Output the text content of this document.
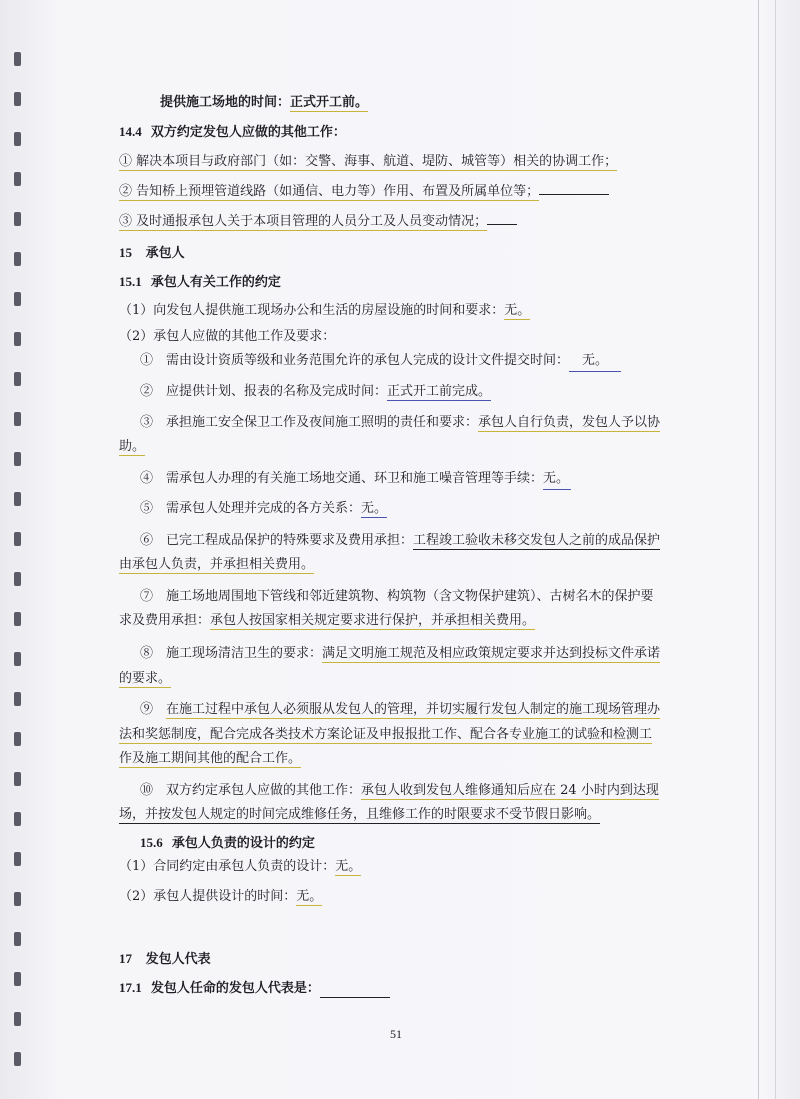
提供施工场地的时间：正式开工前。
14.4 双方约定发包人应做的其他工作：
① 解决本项目与政府部门（如：交警、海事、航道、堤防、城管等）相关的协调工作；
② 告知桥上预埋管道线路（如通信、电力等）作用、布置及所属单位等；
③ 及时通报承包人关于本项目管理的人员分工及人员变动情况；
15 承包人
15.1 承包人有关工作的约定
（1）向发包人提供施工现场办公和生活的房屋设施的时间和要求：无。
（2）承包人应做的其他工作及要求：
①　需由设计资质等级和业务范围允许的承包人完成的设计文件提交时间： 无。
②　应提供计划、报表的名称及完成时间：正式开工前完成。
③　承担施工安全保卫工作及夜间施工照明的责任和要求：承包人自行负责，发包人予以协
助。
④　需承包人办理的有关施工场地交通、环卫和施工噪音管理等手续：无。
⑤　需承包人处理并完成的各方关系：无。
⑥　已完工程成品保护的特殊要求及费用承担：工程竣工验收未移交发包人之前的成品保护
由承包人负责，并承担相关费用。
⑦　施工场地周围地下管线和邻近建筑物、构筑物（含文物保护建筑）、古树名木的保护要
求及费用承担：承包人按国家相关规定要求进行保护，并承担相关费用。
⑧　施工现场清洁卫生的要求：满足文明施工规范及相应政策规定要求并达到投标文件承诺
的要求。
⑨　在施工过程中承包人必须服从发包人的管理，并切实履行发包人制定的施工现场管理办
法和奖惩制度，配合完成各类技术方案论证及申报报批工作、配合各专业施工的试验和检测工
作及施工期间其他的配合工作。
⑩　双方约定承包人应做的其他工作：承包人收到发包人维修通知后应在 24 小时内到达现
场，并按发包人规定的时间完成维修任务，且维修工作的时限要求不受节假日影响。
15.6 承包人负责的设计的约定
（1）合同约定由承包人负责的设计：无。
（2）承包人提供设计的时间：无。
17 发包人代表
17.1 发包人任命的发包人代表是：
51
